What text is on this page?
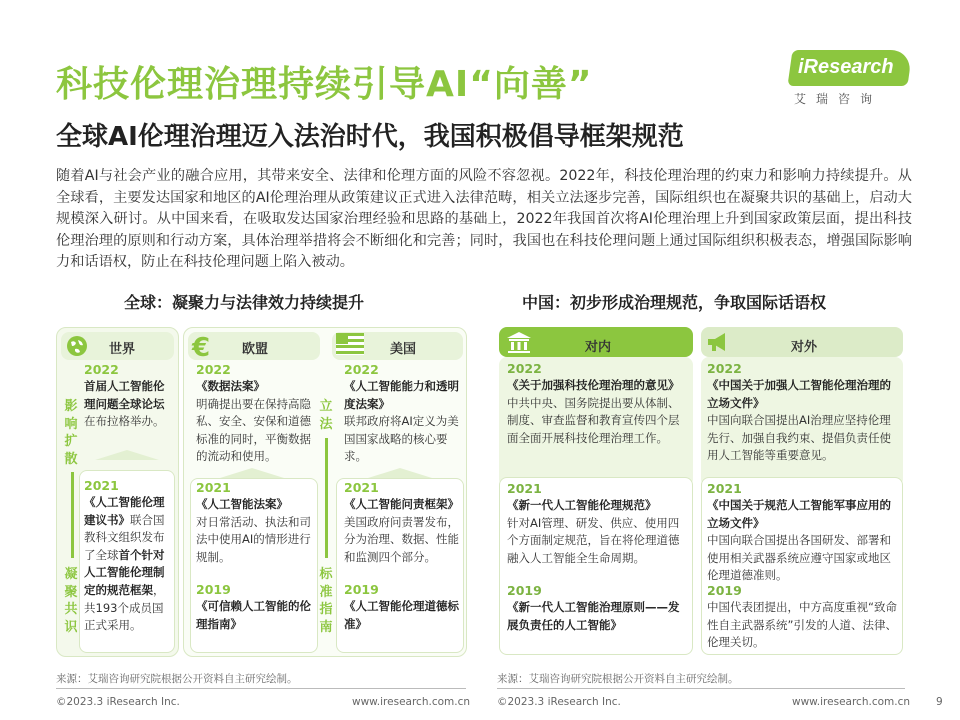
科技伦理治理持续引导AI“向善”
全球AI伦理治理迈入法治时代，我国积极倡导框架规范
iResearch
艾瑞咨询
随着AI与社会产业的融合应用，其带来安全、法律和伦理方面的风险不容忽视。2022年，科技伦理治理的约束力和影响力持续提升。从全球看，主要发达国家和地区的AI伦理治理从政策建议正式进入法律范畴，相关立法逐步完善，国际组织也在凝聚共识的基础上，启动大规模深入研讨。从中国来看，在吸取发达国家治理经验和思路的基础上，2022年我国首次将AI伦理治理上升到国家政策层面，提出科技伦理治理的原则和行动方案，具体治理举措将会不断细化和完善；同时，我国也在科技伦理问题上通过国际组织积极表态，增强国际影响力和话语权，防止在科技伦理问题上陷入被动。
全球：凝聚力与法律效力持续提升	中国：初步形成治理规范，争取国际话语权
世界
影响扩散
凝聚共识
2022
首届人工智能伦理问题全球论坛在布拉格举办。
2021
《人工智能伦理建议书》联合国教科文组织发布了全球首个针对人工智能伦理制定的规范框架，共193个成员国正式采用。
€ 欧盟	美国
立法
标准指南
2022
《数据法案》
明确提出要在保持高隐私、安全、安保和道德标准的同时，平衡数据的流动和使用。
2022
《人工智能能力和透明度法案》
联邦政府将AI定义为美国国家战略的核心要求。
2021
《人工智能法案》
对日常活动、执法和司法中使用AI的情形进行规制。
2019
《可信赖人工智能的伦理指南》
2021
《人工智能问责框架》
美国政府问责署发布，分为治理、数据、性能和监测四个部分。
2019
《人工智能伦理道德标准》
对内
2022
《关于加强科技伦理治理的意见》
中共中央、国务院提出要从体制、制度、审查监督和教育宣传四个层面全面开展科技伦理治理工作。
2021
《新一代人工智能伦理规范》
针对AI管理、研发、供应、使用四个方面制定规范，旨在将伦理道德融入人工智能全生命周期。
2019
《新一代人工智能治理原则——发展负责任的人工智能》
对外
2022
《中国关于加强人工智能伦理治理的立场文件》
中国向联合国提出AI治理应坚持伦理先行、加强自我约束、提倡负责任使用人工智能等重要意见。
2021
《中国关于规范人工智能军事应用的立场文件》
中国向联合国提出各国研发、部署和使用相关武器系统应遵守国家或地区伦理道德准则。
2019
中国代表团提出，中方高度重视“致命性自主武器系统”引发的人道、法律、伦理关切。
来源：艾瑞咨询研究院根据公开资料自主研究绘制。	来源：艾瑞咨询研究院根据公开资料自主研究绘制。
©2023.3 iResearch Inc.	www.iresearch.com.cn	©2023.3 iResearch Inc.	www.iresearch.com.cn 9
